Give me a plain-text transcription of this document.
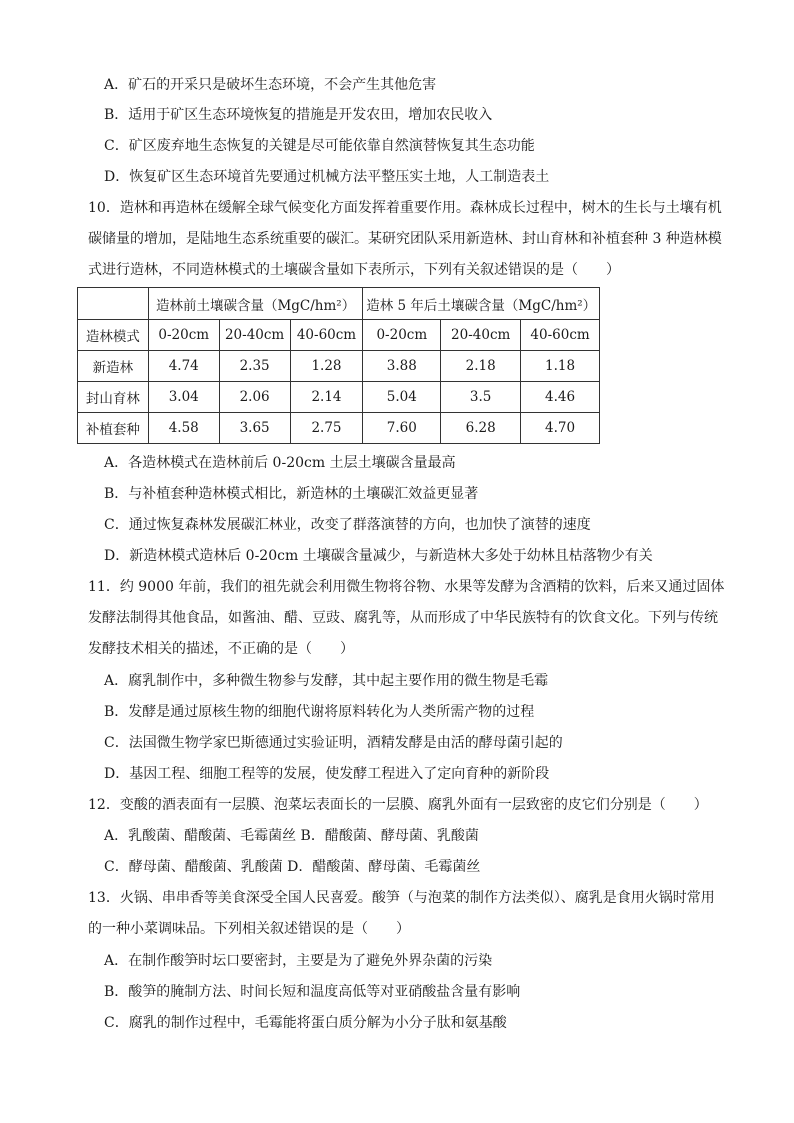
A．矿石的开采只是破坏生态环境，不会产生其他危害
B．适用于矿区生态环境恢复的措施是开发农田，增加农民收入
C．矿区废弃地生态恢复的关键是尽可能依靠自然演替恢复其生态功能
D．恢复矿区生态环境首先要通过机械方法平整压实土地，人工制造表土
10．造林和再造林在缓解全球气候变化方面发挥着重要作用。森林成长过程中，树木的生长与土壤有机
碳储量的增加，是陆地生态系统重要的碳汇。某研究团队采用新造林、封山育林和补植套种 3 种造林模
式进行造林，不同造林模式的土壤碳含量如下表所示，下列有关叙述错误的是（　　）
	造林前土壤碳含量（MgC/hm²）			造林 5 年后土壤碳含量（MgC/hm²）		
造林模式	0-20cm	20-40cm	40-60cm	0-20cm	20-40cm	40-60cm
新造林	4.74	2.35	1.28	3.88	2.18	1.18
封山育林	3.04	2.06	2.14	5.04	3.5	4.46
补植套种	4.58	3.65	2.75	7.60	6.28	4.70
A．各造林模式在造林前后 0-20cm 土层土壤碳含量最高
B．与补植套种造林模式相比，新造林的土壤碳汇效益更显著
C．通过恢复森林发展碳汇林业，改变了群落演替的方向，也加快了演替的速度
D．新造林模式造林后 0-20cm 土壤碳含量减少，与新造林大多处于幼林且枯落物少有关
11．约 9000 年前，我们的祖先就会利用微生物将谷物、水果等发酵为含酒精的饮料，后来又通过固体
发酵法制得其他食品，如酱油、醋、豆豉、腐乳等，从而形成了中华民族特有的饮食文化。下列与传统
发酵技术相关的描述，不正确的是（　　）
A．腐乳制作中，多种微生物参与发酵，其中起主要作用的微生物是毛霉
B．发酵是通过原核生物的细胞代谢将原料转化为人类所需产物的过程
C．法国微生物学家巴斯德通过实验证明，酒精发酵是由活的酵母菌引起的
D．基因工程、细胞工程等的发展，使发酵工程进入了定向育种的新阶段
12．变酸的酒表面有一层膜、泡菜坛表面长的一层膜、腐乳外面有一层致密的皮它们分别是（　　）
A．乳酸菌、醋酸菌、毛霉菌丝 B．醋酸菌、酵母菌、乳酸菌
C．酵母菌、醋酸菌、乳酸菌 D．醋酸菌、酵母菌、毛霉菌丝
13．火锅、串串香等美食深受全国人民喜爱。酸笋（与泡菜的制作方法类似）、腐乳是食用火锅时常用
的一种小菜调味品。下列相关叙述错误的是（　　）
A．在制作酸笋时坛口要密封，主要是为了避免外界杂菌的污染
B．酸笋的腌制方法、时间长短和温度高低等对亚硝酸盐含量有影响
C．腐乳的制作过程中，毛霉能将蛋白质分解为小分子肽和氨基酸
